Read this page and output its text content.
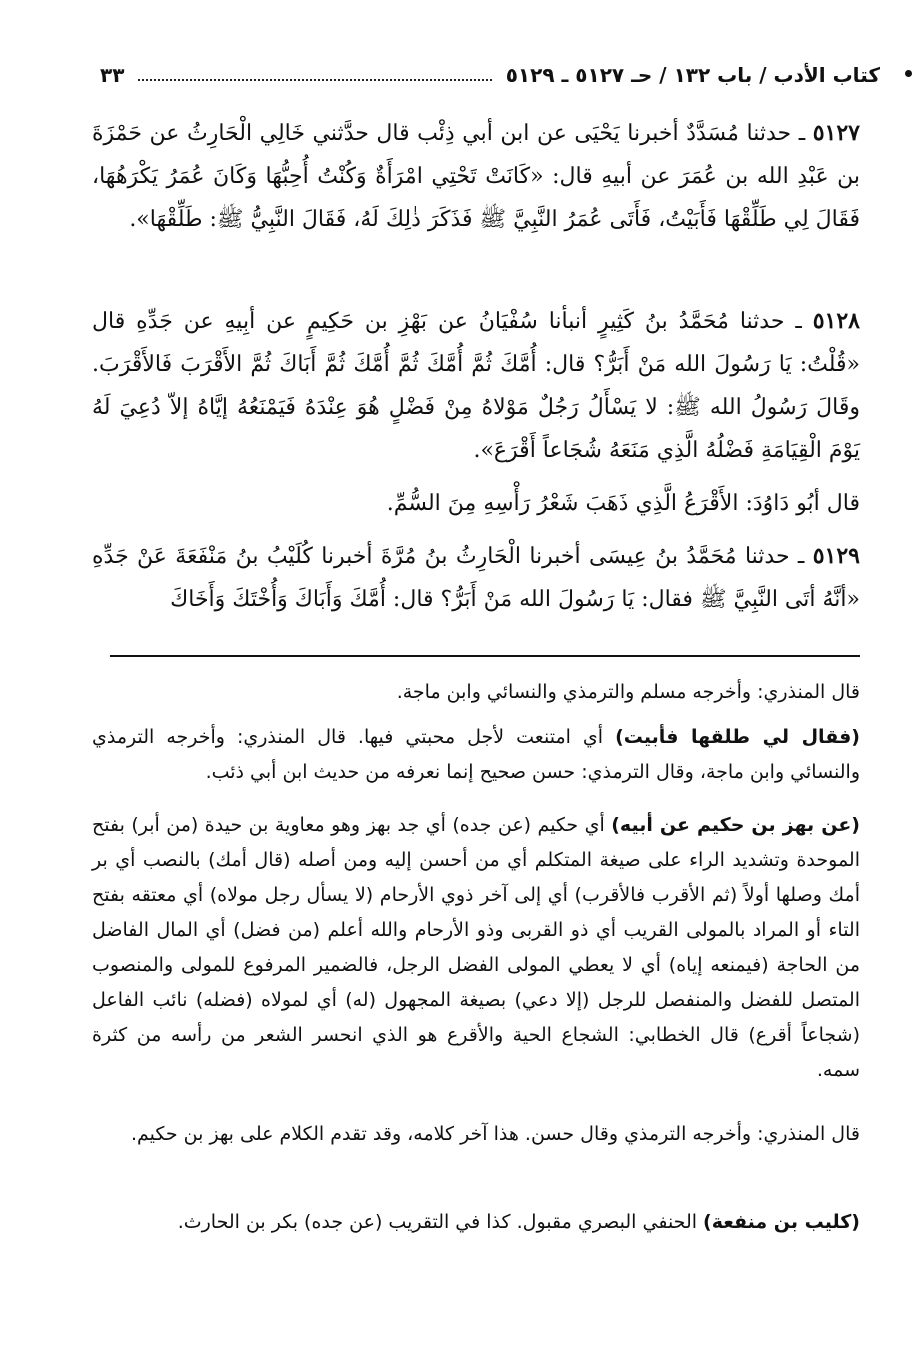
كتاب الأدب / باب ١٣٢ / حـ ٥١٢٧ ـ ٥١٢٩
٣٣

٥١٢٧ ـ حدثنا مُسَدَّدٌ أخبرنا يَحْيَى عن ابن أبي ذِئْب قال حدَّثني خَالِي الْحَارِثُ عن حَمْزَةَ بن عَبْدِ الله بن عُمَرَ عن أبيهِ قال: «كَانَتْ تَحْتِي امْرَأَةٌ وَكُنْتُ أُحِبُّهَا وَكَانَ عُمَرُ يَكْرَهُهَا، فَقَالَ لِي طَلِّقْهَا فَأَبَيْتُ، فَأَتَى عُمَرُ النَّبِيَّ ﷺ فَذَكَرَ ذٰلِكَ لَهُ، فَقَالَ النَّبِيُّ ﷺ: طَلِّقْهَا».

٥١٢٨ ـ حدثنا مُحَمَّدُ بنُ كَثِيرٍ أنبأنا سُفْيَانُ عن بَهْزِ بن حَكِيمٍ عن أبِيهِ عن جَدِّهِ قال «قُلْتُ: يَا رَسُولَ الله مَنْ أَبَرُّ؟ قال: أُمَّكَ ثُمَّ أُمَّكَ ثُمَّ أُمَّكَ ثُمَّ أَبَاكَ ثُمَّ الأَقْرَبَ فَالأَقْرَبَ. وقَالَ رَسُولُ الله ﷺ: لا يَسْأَلُ رَجُلٌ مَوْلاهُ مِنْ فَضْلٍ هُوَ عِنْدَهُ فَيَمْنَعُهُ إيَّاهُ إلاّ دُعِيَ لَهُ يَوْمَ الْقِيَامَةِ فَضْلُهُ الَّذِي مَنَعَهُ شُجَاعاً أَقْرَعَ».

قال أبُو دَاوُدَ: الأَقْرَعُ الَّذِي ذَهَبَ شَعْرُ رَأْسِهِ مِنَ السُّمِّ.

٥١٢٩ ـ حدثنا مُحَمَّدُ بنُ عِيسَى أخبرنا الْحَارِثُ بنُ مُرَّةَ أخبرنا كُلَيْبُ بنُ مَنْفَعَةَ عَنْ جَدِّهِ «أنَّهُ أتَى النَّبِيَّ ﷺ فقال: يَا رَسُولَ الله مَنْ أَبَرُّ؟ قال: أُمَّكَ وَأَبَاكَ وَأُخْتَكَ وَأَخَاكَ

قال المنذري: وأخرجه مسلم والترمذي والنسائي وابن ماجة.

(فقال لي طلقها فأبيت) أي امتنعت لأجل محبتي فيها. قال المنذري: وأخرجه الترمذي والنسائي وابن ماجة، وقال الترمذي: حسن صحيح إنما نعرفه من حديث ابن أبي ذئب.

(عن بهز بن حكيم عن أبيه) أي حكيم (عن جده) أي جد بهز وهو معاوية بن حيدة (من أبر) بفتح الموحدة وتشديد الراء على صيغة المتكلم أي من أحسن إليه ومن أصله (قال أمك) بالنصب أي بر أمك وصلها أولاً (ثم الأقرب فالأقرب) أي إلى آخر ذوي الأرحام (لا يسأل رجل مولاه) أي معتقه بفتح التاء أو المراد بالمولى القريب أي ذو القربى وذو الأرحام والله أعلم (من فضل) أي المال الفاضل من الحاجة (فيمنعه إياه) أي لا يعطي المولى الفضل الرجل، فالضمير المرفوع للمولى والمنصوب المتصل للفضل والمنفصل للرجل (إلا دعي) بصيغة المجهول (له) أي لمولاه (فضله) نائب الفاعل (شجاعاً أقرع) قال الخطابي: الشجاع الحية والأقرع هو الذي انحسر الشعر من رأسه من كثرة سمه.

قال المنذري: وأخرجه الترمذي وقال حسن. هذا آخر كلامه، وقد تقدم الكلام على بهز بن حكيم.

(كليب بن منفعة) الحنفي البصري مقبول. كذا في التقريب (عن جده) بكر بن الحارث.
